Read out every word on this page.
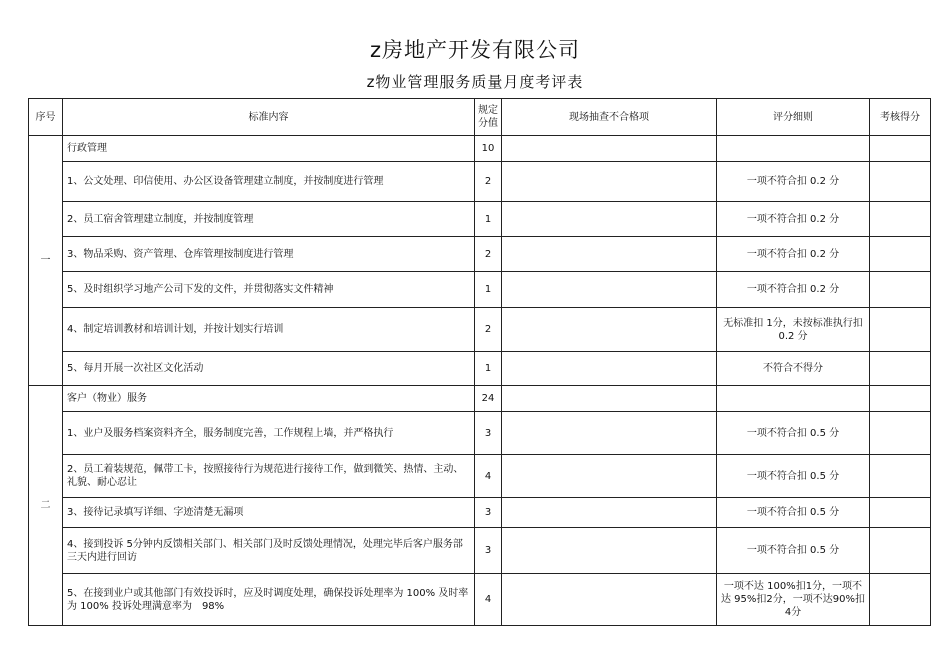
z房地产开发有限公司
z物业管理服务质量月度考评表
序号	标准内容	规定分值	现场抽查不合格项	评分细则	考核得分
一	行政管理	10			
	1、公文处理、印信使用、办公区设备管理建立制度，并按制度进行管理	2		一项不符合扣 0.2 分	
	2、员工宿舍管理建立制度，并按制度管理	1		一项不符合扣 0.2 分	
	3、物品采购、资产管理、仓库管理按制度进行管理	2		一项不符合扣 0.2 分	
	5、及时组织学习地产公司下发的文件，并贯彻落实文件精神	1		一项不符合扣 0.2 分	
	4、制定培训教材和培训计划，并按计划实行培训	2		无标准扣 1分，未按标准执行扣0.2 分	
	5、每月开展一次社区文化活动	1		不符合不得分	
二	客户（物业）服务	24			
	1、业户及服务档案资料齐全，服务制度完善，工作规程上墙，并严格执行	3		一项不符合扣 0.5 分	
	2、员工着装规范，佩带工卡，按照接待行为规范进行接待工作，做到微笑、热情、主动、礼貌、耐心忍让	4		一项不符合扣 0.5 分	
	3、接待记录填写详细、字迹清楚无漏项	3		一项不符合扣 0.5 分	
	4、接到投诉 5分钟内反馈相关部门、相关部门及时反馈处理情况，处理完毕后客户服务部三天内进行回访	3		一项不符合扣 0.5 分	
	5、在接到业户或其他部门有效投诉时，应及时调度处理，确保投诉处理率为 100% 及时率为 100% 投诉处理满意率为　98%	4		一项不达 100%扣1分，一项不达 95%扣2分，一项不达90%扣4分	
